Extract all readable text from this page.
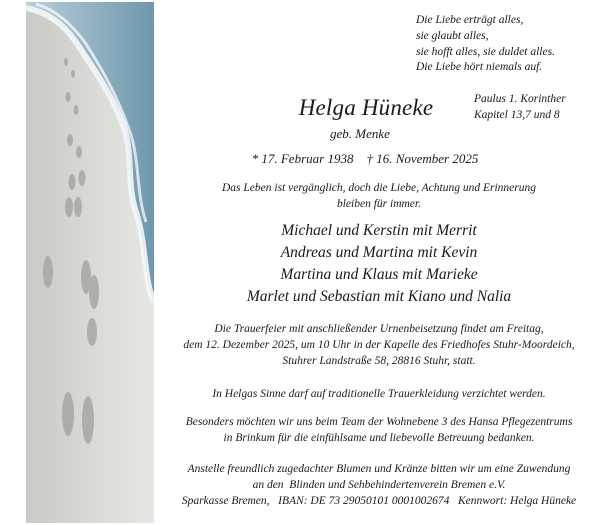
Die Liebe erträgt alles,
sie glaubt alles,
sie hofft alles, sie duldet alles.
Die Liebe hört niemals auf.
Paulus 1. Korinther
Kapitel 13,7 und 8
Helga Hüneke
geb. Menke
* 17. Februar 1938    † 16. November 2025
Das Leben ist vergänglich, doch die Liebe, Achtung und Erinnerung
bleiben für immer.
Michael und Kerstin mit Merrit
Andreas und Martina mit Kevin
Martina und Klaus mit Marieke
Marlet und Sebastian mit Kiano und Nalia
Die Trauerfeier mit anschließender Urnenbeisetzung findet am Freitag,
dem 12. Dezember 2025, um 10 Uhr in der Kapelle des Friedhofes Stuhr-Moordeich,
Stuhrer Landstraße 58, 28816 Stuhr, statt.
In Helgas Sinne darf auf traditionelle Trauerkleidung verzichtet werden.
Besonders möchten wir uns beim Team der Wohnebene 3 des Hansa Pflegezentrums
in Brinkum für die einfühlsame und liebevolle Betreuung bedanken.
Anstelle freundlich zugedachter Blumen und Kränze bitten wir um eine Zuwendung
an den  Blinden und Sehbehindertenverein Bremen e.V.
Sparkasse Bremen,   IBAN: DE 73 29050101 0001002674   Kennwort: Helga Hüneke
